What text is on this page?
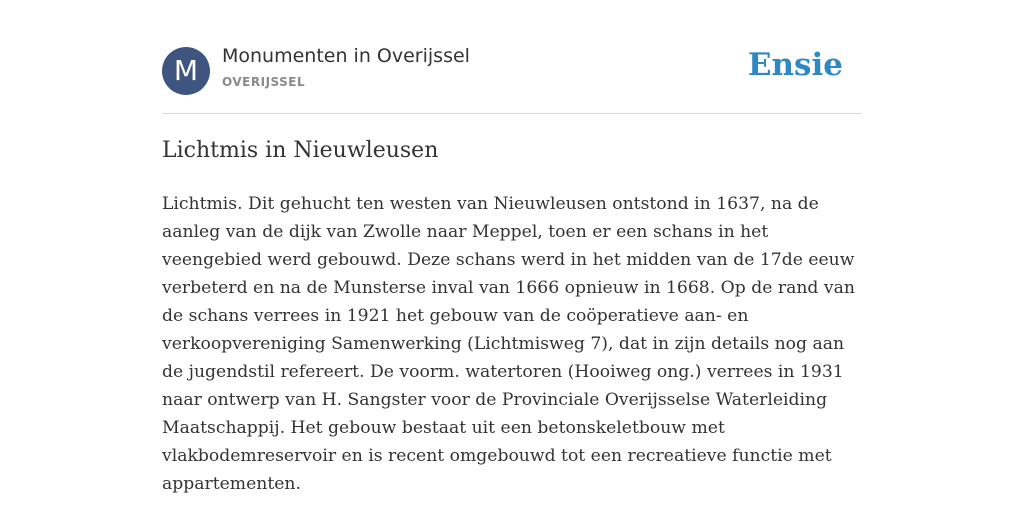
M	Monumenten in Overijssel
OVERIJSSEL	Ensie
Lichtmis in Nieuwleusen

Lichtmis. Dit gehucht ten westen van Nieuwleusen ontstond in 1637, na de aanleg van de dijk van Zwolle naar Meppel, toen er een schans in het veengebied werd gebouwd. Deze schans werd in het midden van de 17de eeuw verbeterd en na de Munsterse inval van 1666 opnieuw in 1668. Op de rand van de schans verrees in 1921 het gebouw van de coöperatieve aan- en verkoopvereniging Samenwerking (Lichtmisweg 7), dat in zijn details nog aan de jugendstil refereert. De voorm. watertoren (Hooiweg ong.) verrees in 1931 naar ontwerp van H. Sangster voor de Provinciale Overijsselse Waterleiding Maatschappij. Het gebouw bestaat uit een betonskeletbouw met vlakbodemreservoir en is recent omgebouwd tot een recreatieve functie met appartementen.
